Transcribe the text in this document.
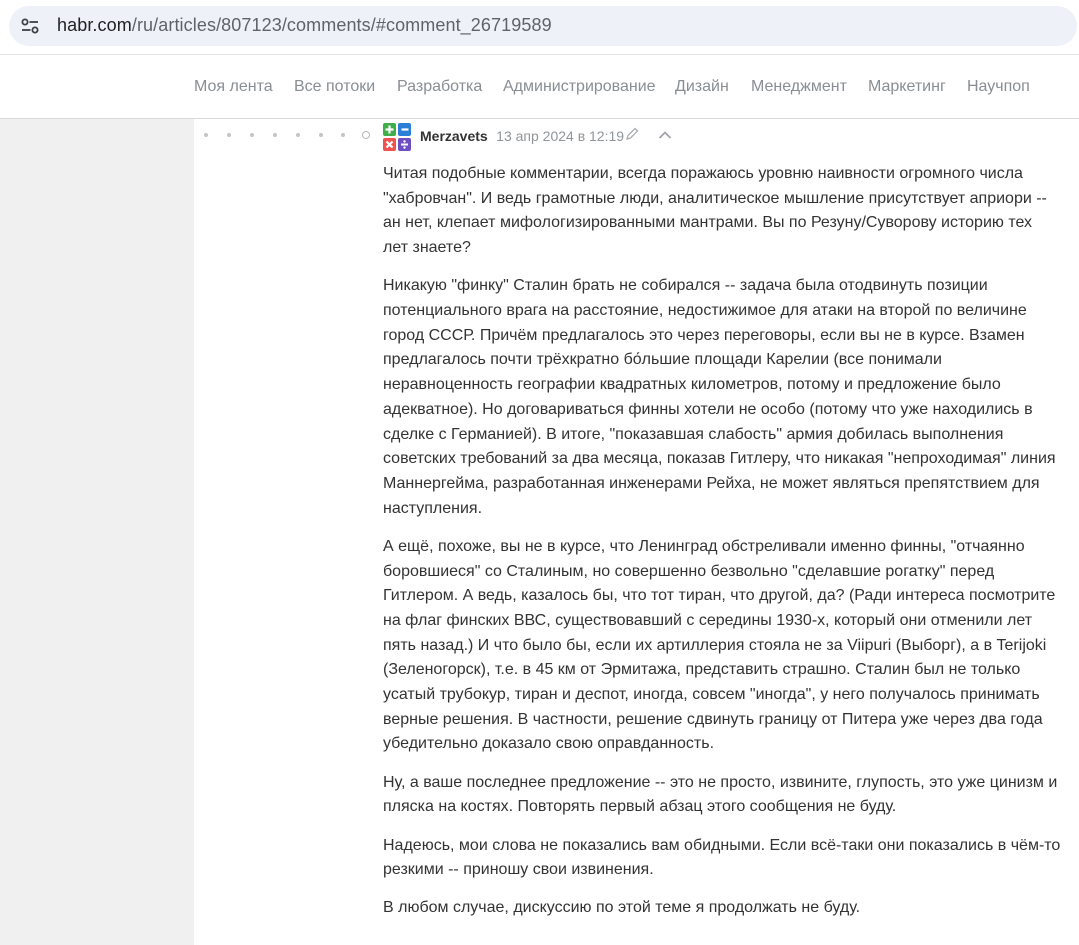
habr.com/ru/articles/807123/comments/#comment_26719589
Моя лента Все потоки Разработка Администрирование Дизайн Менеджмент Маркетинг Научпоп
Merzavets 13 апр 2024 в 12:19

Читая подобные комментарии, всегда поражаюсь уровню наивности огромного числа "хабровчан". И ведь грамотные люди, аналитическое мышление присутствует априори -- ан нет, клепает мифологизированными мантрами. Вы по Резуну/Суворову историю тех лет знаете?

Никакую "финку" Сталин брать не собирался -- задача была отодвинуть позиции потенциального врага на расстояние, недостижимое для атаки на второй по величине город СССР. Причём предлагалось это через переговоры, если вы не в курсе. Взамен предлагалось почти трёхкратно бо́льшие площади Карелии (все понимали неравноценность географии квадратных километров, потому и предложение было адекватное). Но договариваться финны хотели не особо (потому что уже находились в сделке с Германией). В итоге, "показавшая слабость" армия добилась выполнения советских требований за два месяца, показав Гитлеру, что никакая "непроходимая" линия Маннергейма, разработанная инженерами Рейха, не может являться препятствием для наступления.

А ещё, похоже, вы не в курсе, что Ленинград обстреливали именно финны, "отчаянно боровшиеся" со Сталиным, но совершенно безвольно "сделавшие рогатку" перед Гитлером. А ведь, казалось бы, что тот тиран, что другой, да? (Ради интереса посмотрите на флаг финских ВВС, существовавший с середины 1930-х, который они отменили лет пять назад.) И что было бы, если их артиллерия стояла не за Viipuri (Выборг), а в Terijoki (Зеленогорск), т.е. в 45 км от Эрмитажа, представить страшно. Сталин был не только усатый трубокур, тиран и деспот, иногда, совсем "иногда", у него получалось принимать верные решения. В частности, решение сдвинуть границу от Питера уже через два года убедительно доказало свою оправданность.

Ну, а ваше последнее предложение -- это не просто, извините, глупость, это уже цинизм и пляска на костях. Повторять первый абзац этого сообщения не буду.

Надеюсь, мои слова не показались вам обидными. Если всё-таки они показались в чём-то резкими -- приношу свои извинения.

В любом случае, дискуссию по этой теме я продолжать не буду.
